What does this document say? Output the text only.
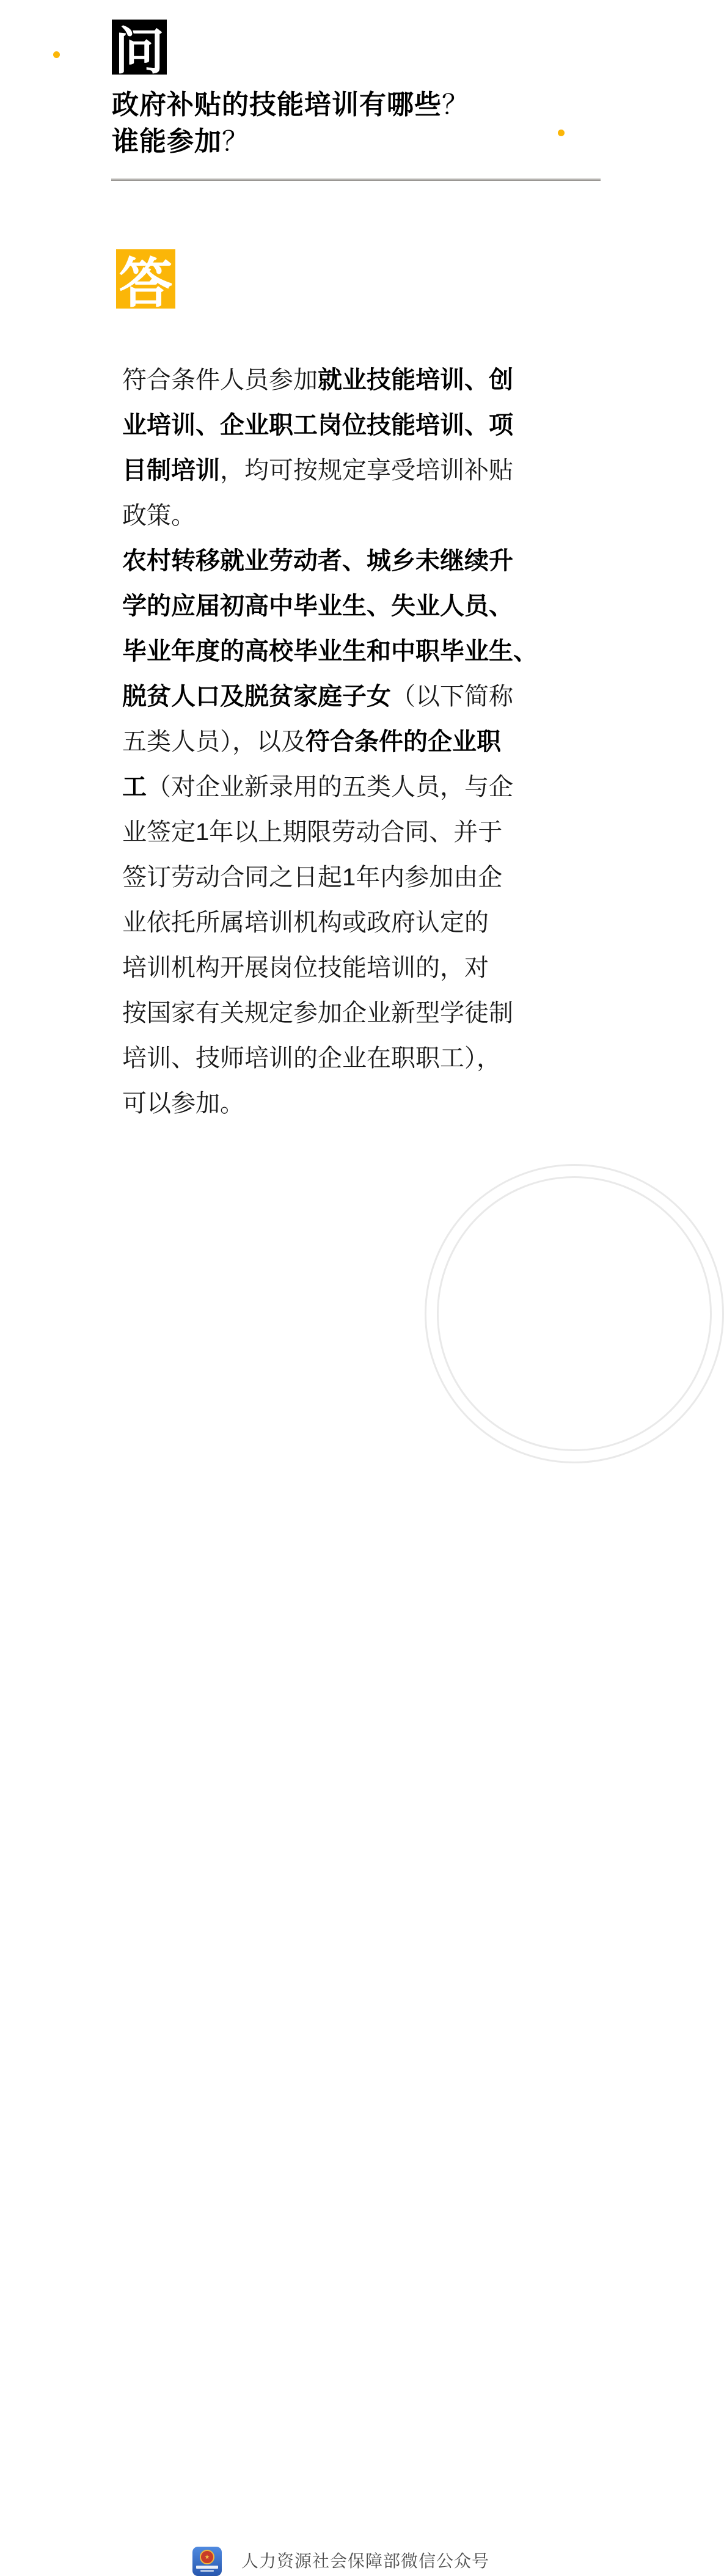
问
政府补贴的技能培训有哪些？
谁能参加？
答
符合条件人员参加就业技能培训、创
业培训、企业职工岗位技能培训、项
目制培训，均可按规定享受培训补贴
政策。
农村转移就业劳动者、城乡未继续升
学的应届初高中毕业生、失业人员、
毕业年度的高校毕业生和中职毕业生、
脱贫人口及脱贫家庭子女（以下简称
五类人员），以及符合条件的企业职
工（对企业新录用的五类人员，与企
业签定1年以上期限劳动合同、并于
签订劳动合同之日起1年内参加由企
业依托所属培训机构或政府认定的
培训机构开展岗位技能培训的，对
按国家有关规定参加企业新型学徒制
培训、技师培训的企业在职职工），
可以参加。
人力资源社会保障部微信公众号
